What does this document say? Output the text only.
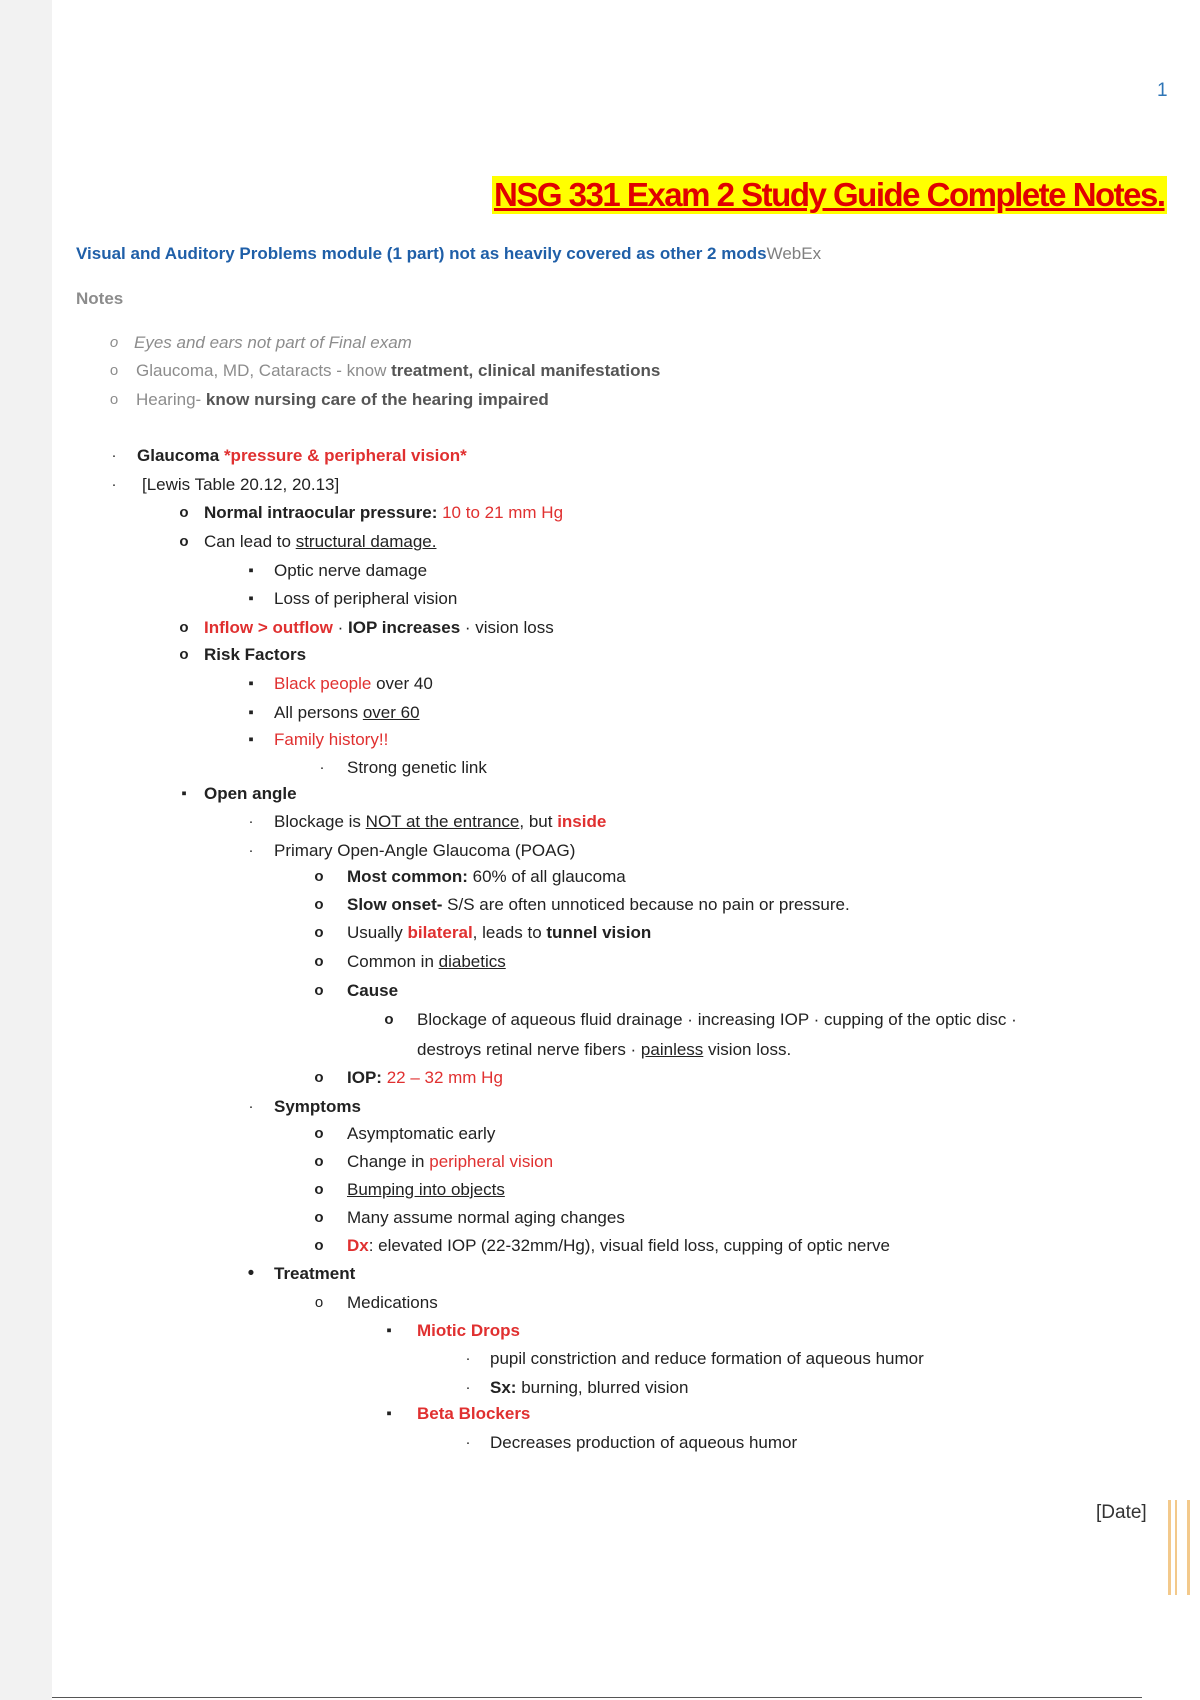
1
NSG 331 Exam 2 Study Guide Complete Notes.
Visual and Auditory Problems module (1 part) not as heavily covered as other 2 modsWebEx
Notes
o Eyes and ears not part of Final exam
o	Glaucoma, MD, Cataracts - know treatment, clinical manifestations
o	Hearing- know nursing care of the hearing impaired
·	Glaucoma *pressure & peripheral vision*
·	[Lewis Table 20.12, 20.13]
o Normal intraocular pressure: 10 to 21 mm Hg
o Can lead to structural damage.
▪	Optic nerve damage
▪	Loss of peripheral vision
o Inflow > outflow · IOP increases · vision loss
o Risk Factors
▪	Black people over 40
▪	All persons over 60
▪	Family history!!
·	Strong genetic link
▪	Open angle
·	Blockage is NOT at the entrance, but inside
·	Primary Open-Angle Glaucoma (POAG)
o	Most common: 60% of all glaucoma
o	Slow onset- S/S are often unnoticed because no pain or pressure.
o	Usually bilateral, leads to tunnel vision
o	Common in diabetics
o	Cause
o	Blockage of aqueous fluid drainage · increasing IOP · cupping of the optic disc ·
destroys retinal nerve fibers · painless vision loss.
o	IOP: 22 – 32 mm Hg
·	Symptoms
o	Asymptomatic early
o	Change in peripheral vision
o	Bumping into objects
o	Many assume normal aging changes
o	Dx: elevated IOP (22-32mm/Hg), visual field loss, cupping of optic nerve
•	Treatment
o	Medications
▪	Miotic Drops
·	pupil constriction and reduce formation of aqueous humor
·	Sx: burning, blurred vision
▪	Beta Blockers
·	Decreases production of aqueous humor
[Date]
